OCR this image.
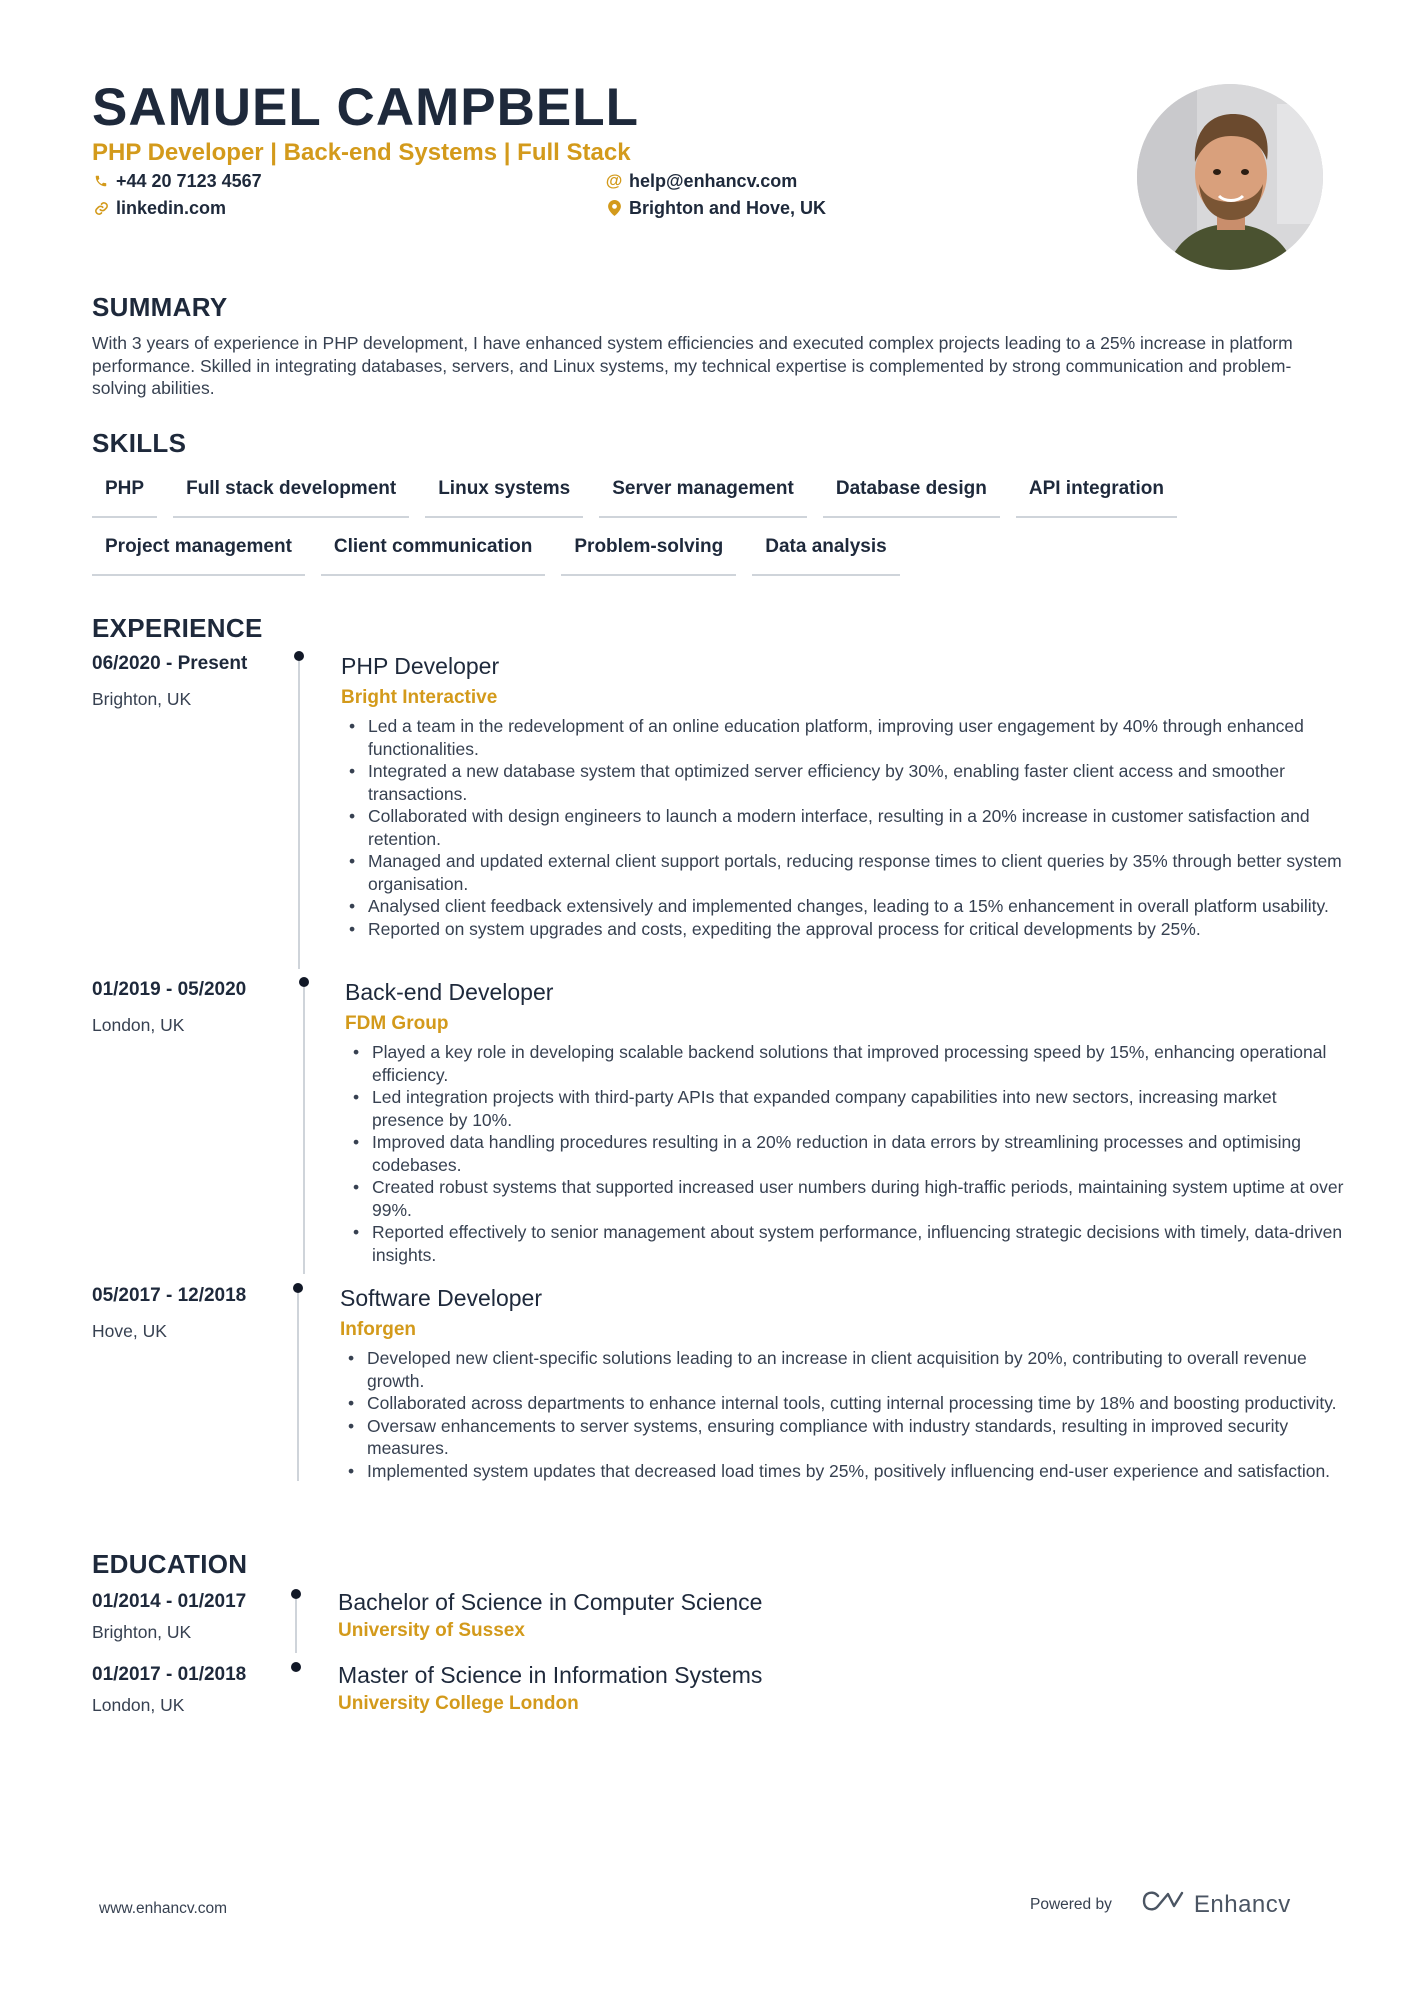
SAMUEL CAMPBELL
PHP Developer | Back-end Systems | Full Stack
+44 20 7123 4567	@ help@enhancv.com
linkedin.com	Brighton and Hove, UK
SUMMARY
With 3 years of experience in PHP development, I have enhanced system efficiencies and executed complex projects leading to a 25% increase in platform performance. Skilled in integrating databases, servers, and Linux systems, my technical expertise is complemented by strong communication and problem-solving abilities.
SKILLS
PHP	Full stack development	Linux systems	Server management	Database design	API integration
Project management	Client communication	Problem-solving	Data analysis
EXPERIENCE
06/2020 - Present
Brighton, UK
PHP Developer
Bright Interactive
• Led a team in the redevelopment of an online education platform, improving user engagement by 40% through enhanced functionalities.
• Integrated a new database system that optimized server efficiency by 30%, enabling faster client access and smoother transactions.
• Collaborated with design engineers to launch a modern interface, resulting in a 20% increase in customer satisfaction and retention.
• Managed and updated external client support portals, reducing response times to client queries by 35% through better system organisation.
• Analysed client feedback extensively and implemented changes, leading to a 15% enhancement in overall platform usability.
• Reported on system upgrades and costs, expediting the approval process for critical developments by 25%.
01/2019 - 05/2020
London, UK
Back-end Developer
FDM Group
• Played a key role in developing scalable backend solutions that improved processing speed by 15%, enhancing operational efficiency.
• Led integration projects with third-party APIs that expanded company capabilities into new sectors, increasing market presence by 10%.
• Improved data handling procedures resulting in a 20% reduction in data errors by streamlining processes and optimising codebases.
• Created robust systems that supported increased user numbers during high-traffic periods, maintaining system uptime at over 99%.
• Reported effectively to senior management about system performance, influencing strategic decisions with timely, data-driven insights.
05/2017 - 12/2018
Hove, UK
Software Developer
Inforgen
• Developed new client-specific solutions leading to an increase in client acquisition by 20%, contributing to overall revenue growth.
• Collaborated across departments to enhance internal tools, cutting internal processing time by 18% and boosting productivity.
• Oversaw enhancements to server systems, ensuring compliance with industry standards, resulting in improved security measures.
• Implemented system updates that decreased load times by 25%, positively influencing end-user experience and satisfaction.
EDUCATION
01/2014 - 01/2017
Brighton, UK
Bachelor of Science in Computer Science
University of Sussex
01/2017 - 01/2018
London, UK
Master of Science in Information Systems
University College London
www.enhancv.com	Powered by	Enhancv
